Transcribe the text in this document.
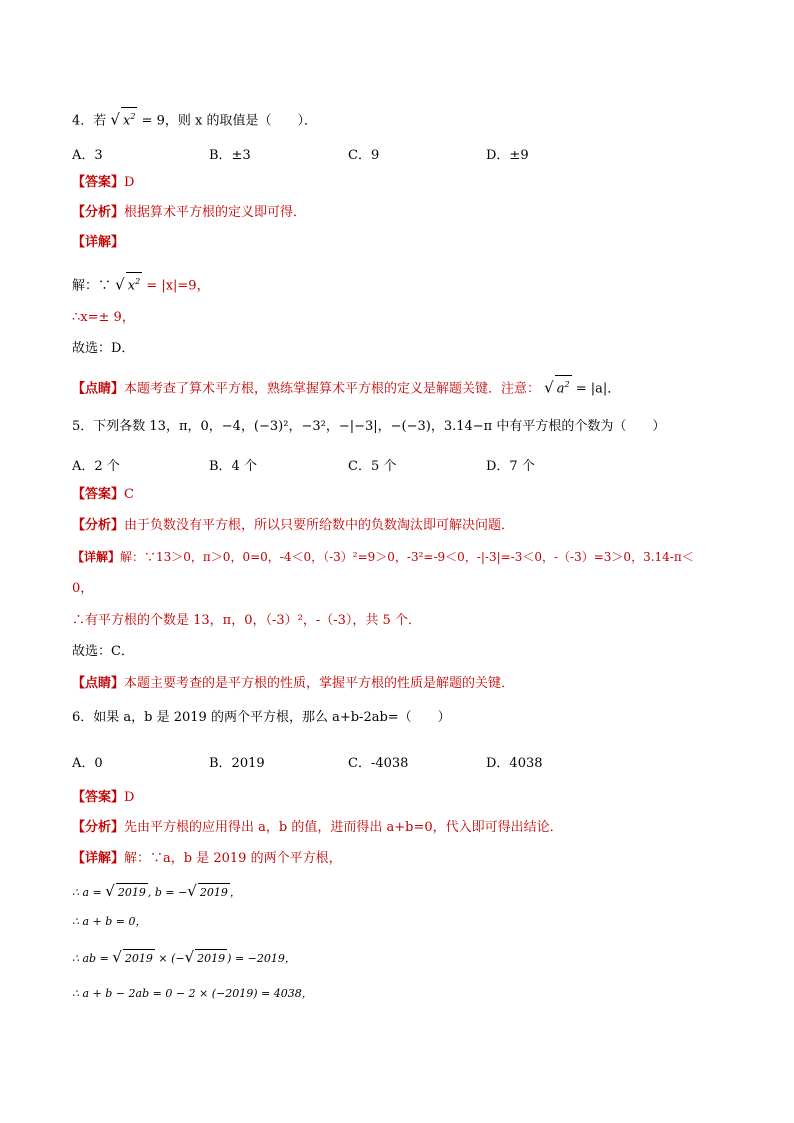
4．若 √ $x^2 = 9$，则 x 的取值是（　　）．
A．3	B．±3	C．9	D．±9
【答案】D
【分析】根据算术平方根的定义即可得．
【详解】
解：∵ √ $x^2 = |x|=9$，
∴x=± 9，
故选：D．
【点睛】本题考查了算术平方根，熟练掌握算术平方根的定义是解题关键．注意： √ $a^2 = |a|$．
5．下列各数 13，π，0，−4，(−3)²，−3²，−|−3|，−(−3)，3.14−π 中有平方根的个数为（　　）
A．2 个	B．4 个	C．5 个	D．7 个
【答案】C
【分析】由于负数没有平方根，所以只要所给数中的负数淘汰即可解决问题．
【详解】解：∵13＞0，π＞0，0=0，-4＜0，（-3）²=9＞0，-3²=-9＜0，-|-3|=-3＜0，-（-3）=3＞0，3.14-π＜
0，
∴有平方根的个数是 13，π，0，（-3）²，-（-3），共 5 个．
故选：C．
【点睛】本题主要考查的是平方根的性质，掌握平方根的性质是解题的关键．
6．如果 a，b 是 2019 的两个平方根，那么 a+b-2ab=（　　）
A．0	B．2019	C．-4038	D．4038
【答案】D
【分析】先由平方根的应用得出 a，b 的值，进而得出 a+b=0，代入即可得出结论．
【详解】解：∵a，b 是 2019 的两个平方根，
∴ a = √ 2019 , b = −√ 2019 ，
∴ a + b = 0，
∴ ab = √ 2019 × (−√ 2019 ) = −2019，
∴ a + b − 2ab = 0 − 2 × (−2019) = 4038，
